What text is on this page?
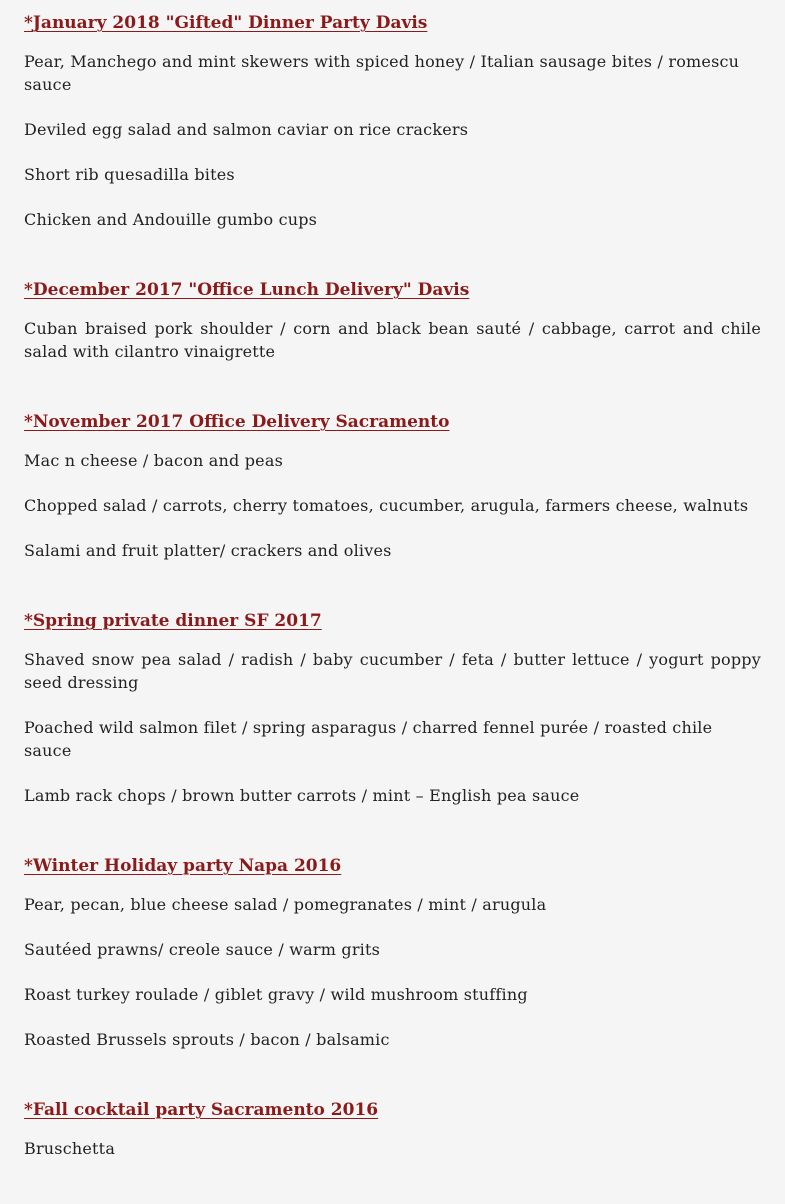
*January 2018 "Gifted" Dinner Party Davis
Pear, Manchego and mint skewers with spiced honey / Italian sausage bites / romescu sauce
Deviled egg salad and salmon caviar on rice crackers
Short rib quesadilla bites
Chicken and Andouille gumbo cups
*December 2017 "Office Lunch Delivery" Davis
Cuban braised pork shoulder / corn and black bean sauté / cabbage, carrot and chile salad with cilantro vinaigrette
*November 2017 Office Delivery Sacramento
Mac n cheese / bacon and peas
Chopped salad / carrots, cherry tomatoes, cucumber, arugula, farmers cheese, walnuts
Salami and fruit platter/ crackers and olives
*Spring private dinner SF 2017
Shaved snow pea salad / radish / baby cucumber / feta / butter lettuce / yogurt poppy seed dressing
Poached wild salmon filet / spring asparagus / charred fennel purée / roasted chile sauce
Lamb rack chops / brown butter carrots / mint – English pea sauce
*Winter Holiday party Napa 2016
Pear, pecan, blue cheese salad / pomegranates / mint / arugula
Sautéed prawns/ creole sauce / warm grits
Roast turkey roulade / giblet gravy / wild mushroom stuffing
Roasted Brussels sprouts / bacon / balsamic
*Fall cocktail party Sacramento 2016
Bruschetta
